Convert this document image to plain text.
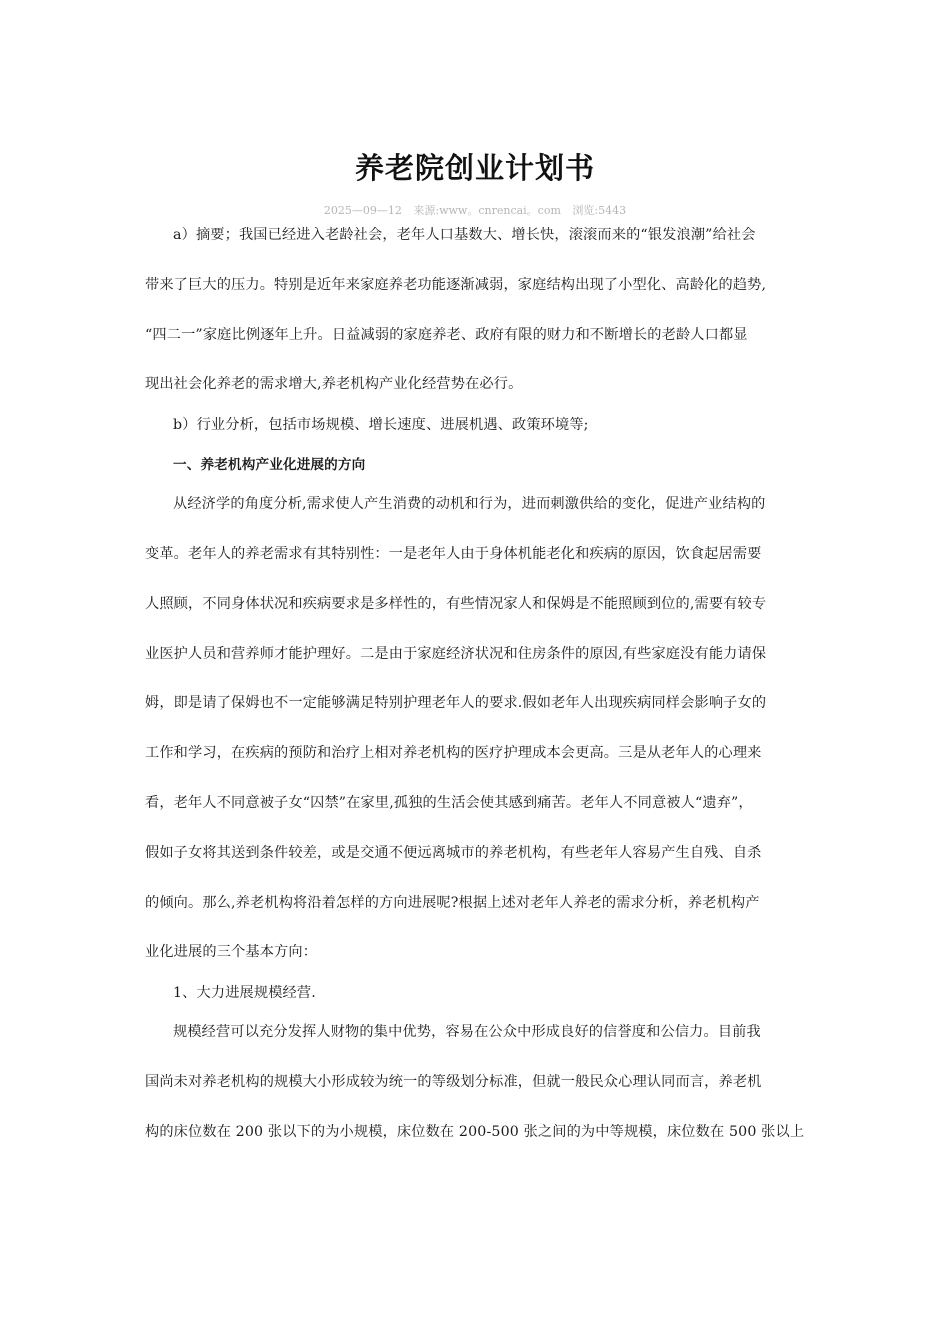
养老院创业计划书
2025—09—12 来源:www。cnrencai。com 浏览:5443
a）摘要；我国已经进入老龄社会，老年人口基数大、增长快，滚滚而来的“银发浪潮”给社会
带来了巨大的压力。特别是近年来家庭养老功能逐渐减弱，家庭结构出现了小型化、高龄化的趋势,
“四二一”家庭比例逐年上升。日益减弱的家庭养老、政府有限的财力和不断增长的老龄人口都显
现出社会化养老的需求增大,养老机构产业化经营势在必行。
b）行业分析，包括市场规模、增长速度、进展机遇、政策环境等;
一、养老机构产业化进展的方向
从经济学的角度分析,需求使人产生消费的动机和行为，进而刺激供给的变化，促进产业结构的
变革。老年人的养老需求有其特别性：一是老年人由于身体机能老化和疾病的原因，饮食起居需要
人照顾，不同身体状况和疾病要求是多样性的，有些情况家人和保姆是不能照顾到位的,需要有较专
业医护人员和营养师才能护理好。二是由于家庭经济状况和住房条件的原因,有些家庭没有能力请保
姆，即是请了保姆也不一定能够满足特别护理老年人的要求.假如老年人出现疾病同样会影响子女的
工作和学习，在疾病的预防和治疗上相对养老机构的医疗护理成本会更高。三是从老年人的心理来
看，老年人不同意被子女“囚禁”在家里,孤独的生活会使其感到痛苦。老年人不同意被人“遗弃”，
假如子女将其送到条件较差，或是交通不便远离城市的养老机构，有些老年人容易产生自残、自杀
的倾向。那么,养老机构将沿着怎样的方向进展呢?根据上述对老年人养老的需求分析，养老机构产
业化进展的三个基本方向：
1、大力进展规模经营.
规模经营可以充分发挥人财物的集中优势，容易在公众中形成良好的信誉度和公信力。目前我
国尚未对养老机构的规模大小形成较为统一的等级划分标准，但就一般民众心理认同而言，养老机
构的床位数在 200 张以下的为小规模，床位数在 200-500 张之间的为中等规模，床位数在 500 张以上
